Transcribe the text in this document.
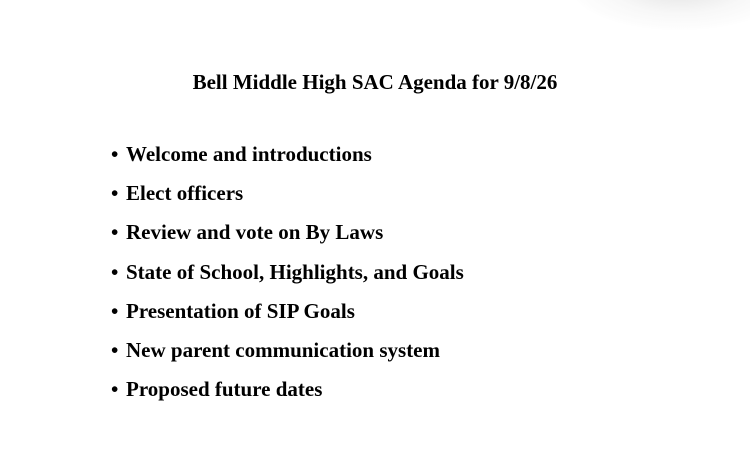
Bell Middle High SAC Agenda for 9/8/26
• Welcome and introductions
• Elect officers
• Review and vote on By Laws
• State of School, Highlights, and Goals
• Presentation of SIP Goals
• New parent communication system
• Proposed future dates
